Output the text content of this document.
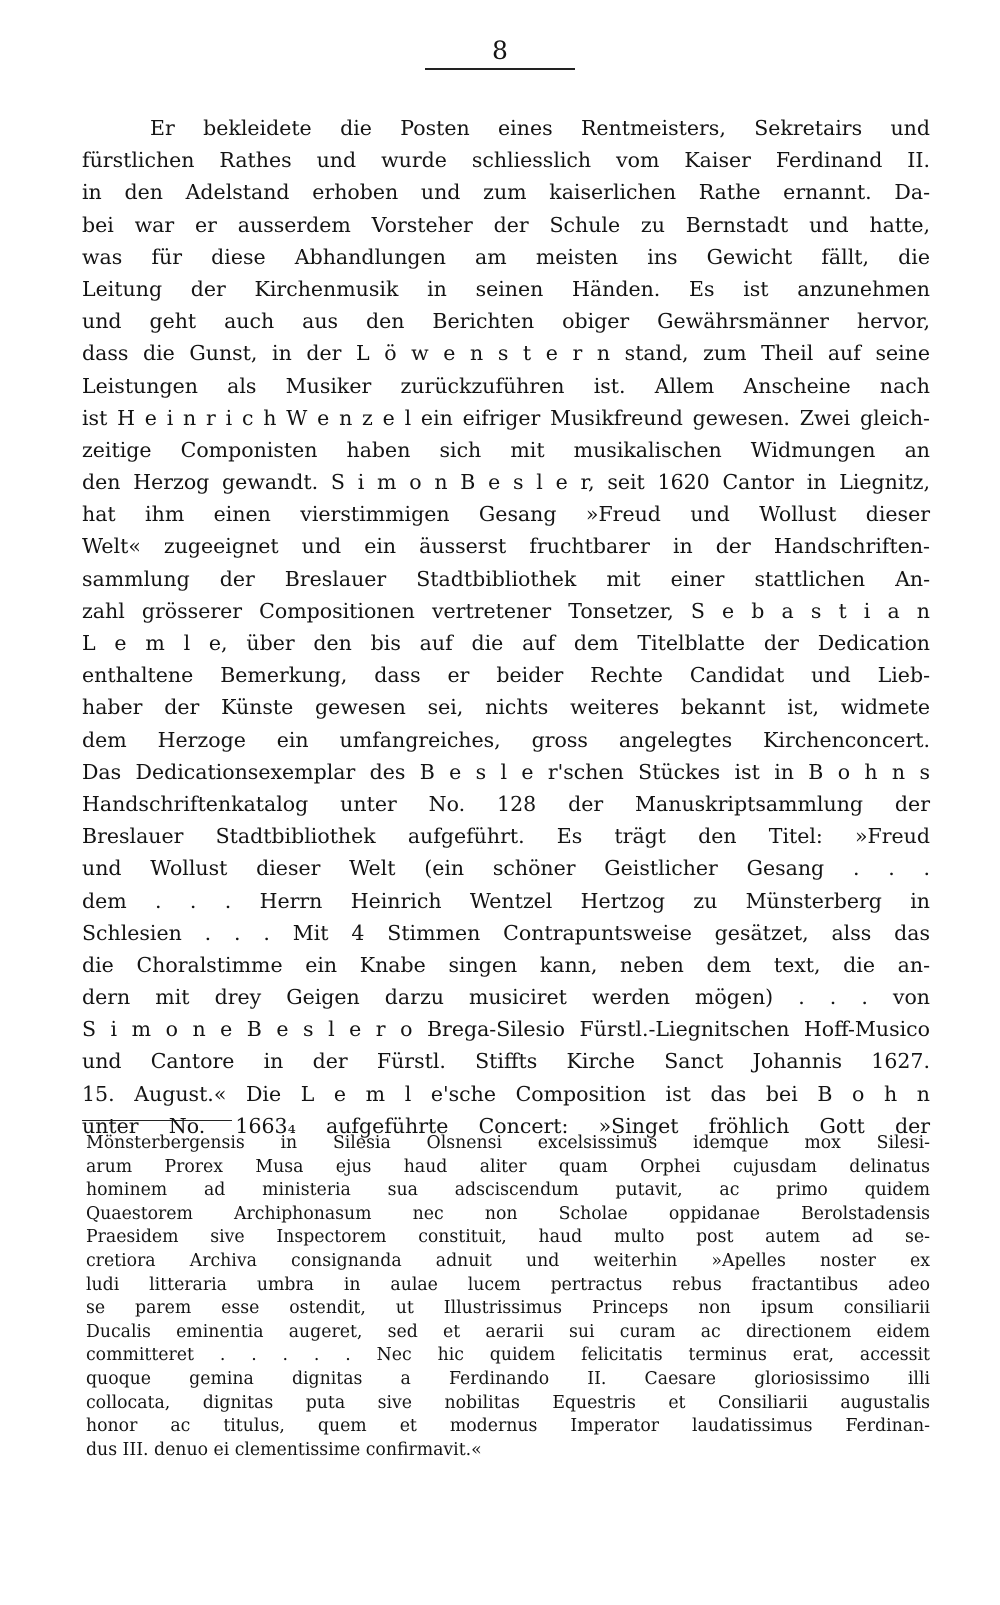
8
Er bekleidete die Posten eines Rentmeisters, Sekretairs und
fürstlichen Rathes und wurde schliesslich vom Kaiser Ferdinand II.
in den Adelstand erhoben und zum kaiserlichen Rathe ernannt. Da-
bei war er ausserdem Vorsteher der Schule zu Bernstadt und hatte,
was für diese Abhandlungen am meisten ins Gewicht fällt, die
Leitung der Kirchenmusik in seinen Händen. Es ist anzunehmen
und geht auch aus den Berichten obiger Gewährsmänner hervor,
dass die Gunst, in der L ö w e n s t e r n stand, zum Theil auf seine
Leistungen als Musiker zurückzuführen ist. Allem Anscheine nach
ist H e i n r i c h W e n z e l ein eifriger Musikfreund gewesen. Zwei gleich-
zeitige Componisten haben sich mit musikalischen Widmungen an
den Herzog gewandt. S i m o n B e s l e r, seit 1620 Cantor in Liegnitz,
hat ihm einen vierstimmigen Gesang »Freud und Wollust dieser
Welt« zugeeignet und ein äusserst fruchtbarer in der Handschriften-
sammlung der Breslauer Stadtbibliothek mit einer stattlichen An-
zahl grösserer Compositionen vertretener Tonsetzer, S e b a s t i a n
L e m l e, über den bis auf die auf dem Titelblatte der Dedication
enthaltene Bemerkung, dass er beider Rechte Candidat und Lieb-
haber der Künste gewesen sei, nichts weiteres bekannt ist, widmete
dem Herzoge ein umfangreiches, gross angelegtes Kirchenconcert.
Das Dedicationsexemplar des B e s l e r'schen Stückes ist in B o h n s
Handschriftenkatalog unter No. 128 der Manuskriptsammlung der
Breslauer Stadtbibliothek aufgeführt. Es trägt den Titel: »Freud
und Wollust dieser Welt (ein schöner Geistlicher Gesang . . .
dem . . . Herrn Heinrich Wentzel Hertzog zu Münsterberg in
Schlesien . . . Mit 4 Stimmen Contrapuntsweise gesätzet, alss das
die Choralstimme ein Knabe singen kann, neben dem text, die an-
dern mit drey Geigen darzu musiciret werden mögen) . . . von
S i m o n e B e s l e r o Brega-Silesio Fürstl.-Liegnitschen Hoff-Musico
und Cantore in der Fürstl. Stiffts Kirche Sanct Johannis 1627.
15. August.« Die L e m l e'sche Composition ist das bei B o h n
unter No. 1663₄ aufgeführte Concert: »Singet fröhlich Gott der
Mönsterbergensis in Silesia Olsnensi excelsissimus idemque mox Silesi-
arum Prorex Musa ejus haud aliter quam Orphei cujusdam delinatus
hominem ad ministeria sua adsciscendum putavit, ac primo quidem
Quaestorem Archiphonasum nec non Scholae oppidanae Berolstadensis
Praesidem sive Inspectorem constituit, haud multo post autem ad se-
cretiora Archiva consignanda adnuit und weiterhin »Apelles noster ex
ludi litteraria umbra in aulae lucem pertractus rebus fractantibus adeo
se parem esse ostendit, ut Illustrissimus Princeps non ipsum consiliarii
Ducalis eminentia augeret, sed et aerarii sui curam ac directionem eidem
committeret . . . . . Nec hic quidem felicitatis terminus erat, accessit
quoque gemina dignitas a Ferdinando II. Caesare gloriosissimo illi
collocata, dignitas puta sive nobilitas Equestris et Consiliarii augustalis
honor ac titulus, quem et modernus Imperator laudatissimus Ferdinan-
dus III. denuo ei clementissime confirmavit.«
